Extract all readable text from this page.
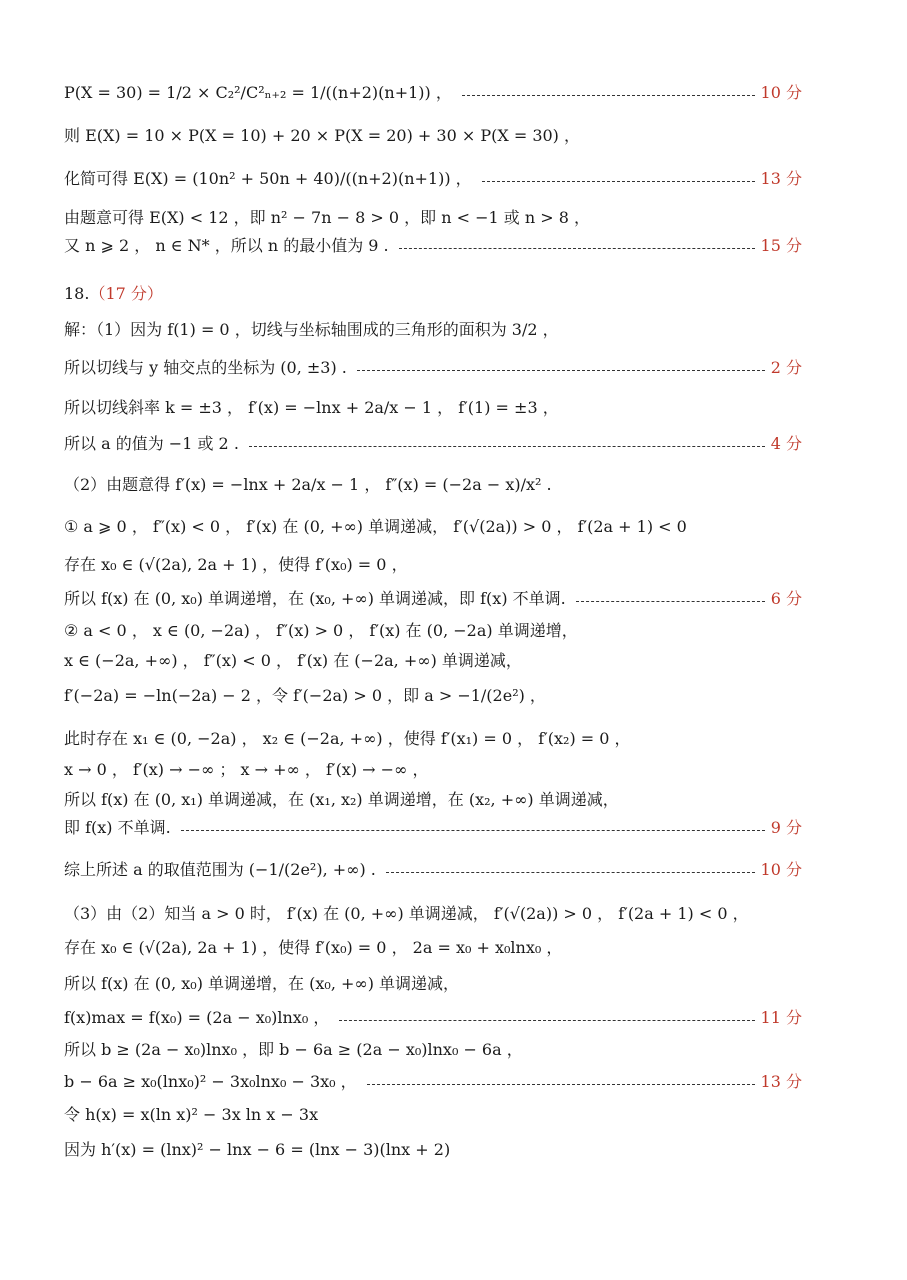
P(X = 30) = 1/2 × C₂²/C²ₙ₊₂ = 1/((n+2)(n+1)) ，	10 分
则 E(X) = 10 × P(X = 10) + 20 × P(X = 20) + 30 × P(X = 30) ，
化简可得 E(X) = (10n² + 50n + 40)/((n+2)(n+1)) ，	13 分
由题意可得 E(X) < 12 ，即 n² − 7n − 8 > 0 ，即 n < −1 或 n > 8 ，
又 n ⩾ 2 ， n ∈ N* ，所以 n 的最小值为 9 .	15 分
18. （17 分）
解：（1）因为 f(1) = 0 ，切线与坐标轴围成的三角形的面积为 3/2 ，
所以切线与 y 轴交点的坐标为 (0, ±3) .	2 分
所以切线斜率 k = ±3 ， f′(x) = −lnx + 2a/x − 1 ， f′(1) = ±3 ，
所以 a 的值为 −1 或 2 .	4 分
（2）由题意得 f′(x) = −lnx + 2a/x − 1 ， f″(x) = (−2a − x)/x² .
① a ⩾ 0 ， f″(x) < 0 ， f′(x) 在 (0, +∞) 单调递减， f′(√(2a)) > 0 ， f′(2a + 1) < 0
存在 x₀ ∈ (√(2a), 2a + 1) ，使得 f′(x₀) = 0 ，
所以 f(x) 在 (0, x₀) 单调递增，在 (x₀, +∞) 单调递减，即 f(x) 不单调.	6 分
② a < 0 ， x ∈ (0, −2a) ， f″(x) > 0 ， f′(x) 在 (0, −2a) 单调递增，
x ∈ (−2a, +∞) ， f″(x) < 0 ， f′(x) 在 (−2a, +∞) 单调递减，
f′(−2a) = −ln(−2a) − 2 ，令 f′(−2a) > 0 ，即 a > −1/(2e²) ，
此时存在 x₁ ∈ (0, −2a) ， x₂ ∈ (−2a, +∞) ，使得 f′(x₁) = 0 ， f′(x₂) = 0 ，
x → 0 ， f′(x) → −∞ ； x → +∞ ， f′(x) → −∞ ，
所以 f(x) 在 (0, x₁) 单调递减，在 (x₁, x₂) 单调递增，在 (x₂, +∞) 单调递减，
即 f(x) 不单调.	9 分
综上所述 a 的取值范围为 (−1/(2e²), +∞) .	10 分
（3）由（2）知当 a > 0 时， f′(x) 在 (0, +∞) 单调递减， f′(√(2a)) > 0 ， f′(2a + 1) < 0 ，
存在 x₀ ∈ (√(2a), 2a + 1) ，使得 f′(x₀) = 0 ， 2a = x₀ + x₀lnx₀ ，
所以 f(x) 在 (0, x₀) 单调递增，在 (x₀, +∞) 单调递减，
f(x)max = f(x₀) = (2a − x₀)lnx₀ ，	11 分
所以 b ≥ (2a − x₀)lnx₀ ，即 b − 6a ≥ (2a − x₀)lnx₀ − 6a ，
b − 6a ≥ x₀(lnx₀)² − 3x₀lnx₀ − 3x₀ ，	13 分
令 h(x) = x(ln x)² − 3x ln x − 3x
因为 h′(x) = (lnx)² − lnx − 6 = (lnx − 3)(lnx + 2)
